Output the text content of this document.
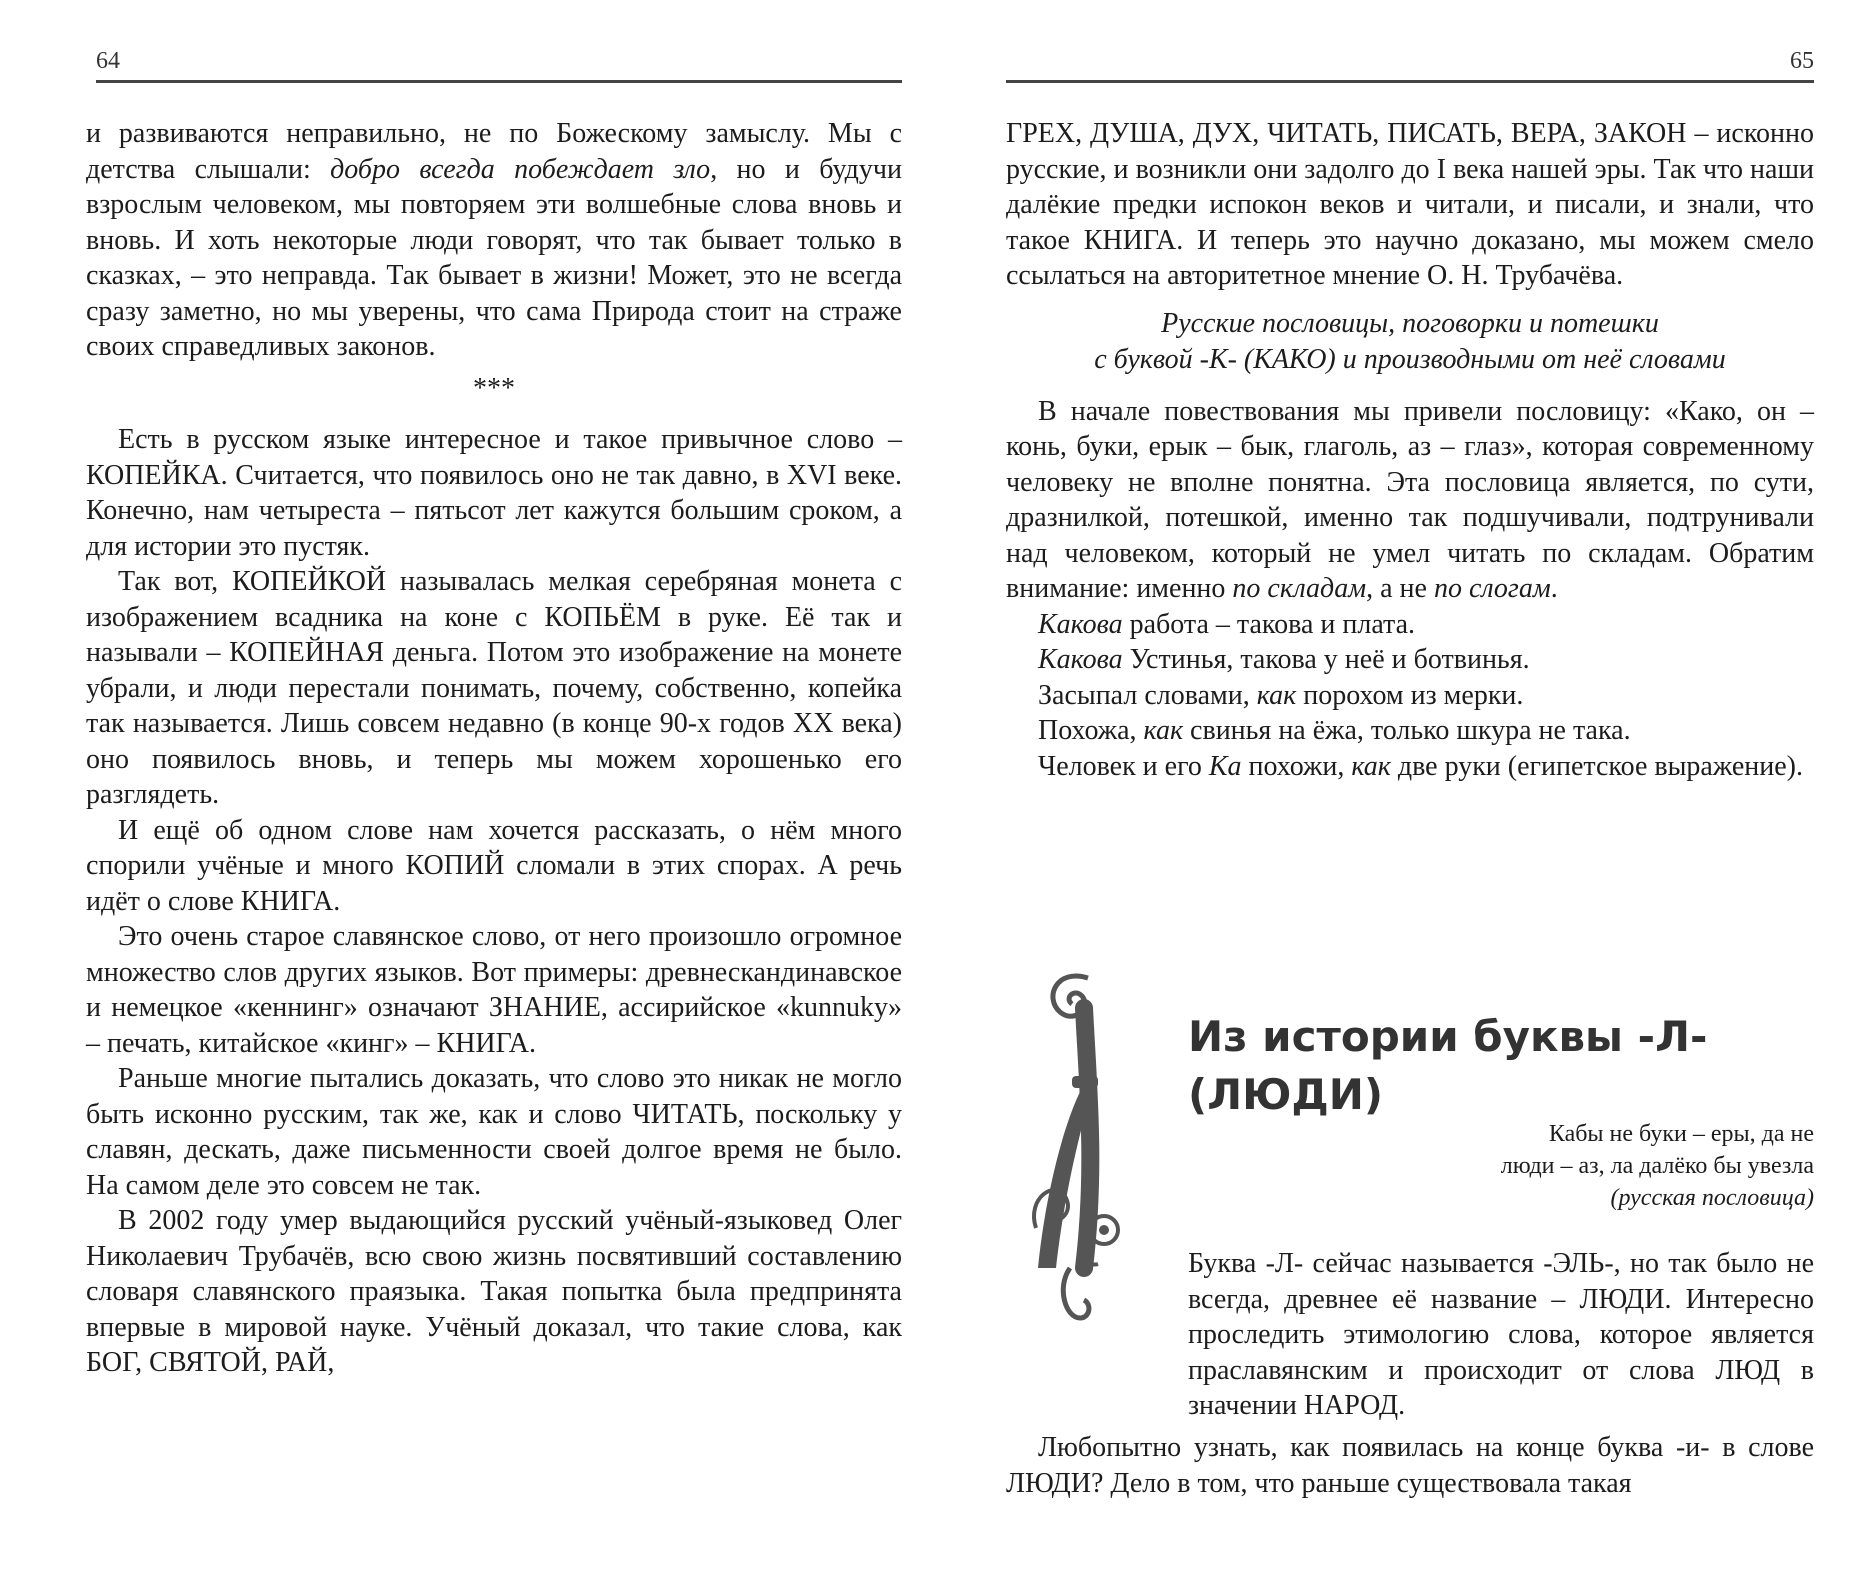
64

и развиваются неправильно, не по Божескому замыслу. Мы с детства слышали: добро всегда побеждает зло, но и будучи взрослым человеком, мы повторяем эти волшебные слова вновь и вновь. И хоть некоторые люди говорят, что так бывает только в сказках, – это неправда. Так бывает в жизни! Может, это не всегда сразу заметно, но мы уверены, что сама Природа стоит на страже своих справедливых законов.

***

Есть в русском языке интересное и такое привычное слово – КОПЕЙКА. Считается, что появилось оно не так давно, в XVI веке. Конечно, нам четыреста – пятьсот лет кажутся большим сроком, а для истории это пустяк.

Так вот, КОПЕЙКОЙ называлась мелкая серебряная монета с изображением всадника на коне с КОПЬЁМ в руке. Её так и называли – КОПЕЙНАЯ деньга. Потом это изображение на монете убрали, и люди перестали понимать, почему, собственно, копейка так называется. Лишь совсем недавно (в конце 90-х годов XX века) оно появилось вновь, и теперь мы можем хорошенько его разглядеть.

И ещё об одном слове нам хочется рассказать, о нём много спорили учёные и много КОПИЙ сломали в этих спорах. А речь идёт о слове КНИГА.

Это очень старое славянское слово, от него произошло огромное множество слов других языков. Вот примеры: древнескандинавское и немецкое «кеннинг» означают ЗНАНИЕ, ассирийское «kunnuky» – печать, китайское «кинг» – КНИГА.

Раньше многие пытались доказать, что слово это никак не могло быть исконно русским, так же, как и слово ЧИТАТЬ, поскольку у славян, дескать, даже письменности своей долгое время не было. На самом деле это совсем не так.

В 2002 году умер выдающийся русский учёный-языковед Олег Николаевич Трубачёв, всю свою жизнь посвятивший составлению словаря славянского праязыка. Такая попытка была предпринята впервые в мировой науке. Учёный доказал, что такие слова, как БОГ, СВЯТОЙ, РАЙ,

65

ГРЕХ, ДУША, ДУХ, ЧИТАТЬ, ПИСАТЬ, ВЕРА, ЗАКОН – исконно русские, и возникли они задолго до I века нашей эры. Так что наши далёкие предки испокон веков и читали, и писали, и знали, что такое КНИГА. И теперь это научно доказано, мы можем смело ссылаться на авторитетное мнение О. Н. Трубачёва.

Русские пословицы, поговорки и потешки
с буквой -К- (КАКО) и производными от неё словами

В начале повествования мы привели пословицу: «Како, он – конь, буки, ерык – бык, глаголь, аз – глаз», которая современному человеку не вполне понятна. Эта пословица является, по сути, дразнилкой, потешкой, именно так подшучивали, подтрунивали над человеком, который не умел читать по складам. Обратим внимание: именно по складам, а не по слогам.

Какова работа – такова и плата.
Какова Устинья, такова у неё и ботвинья.
Засыпал словами, как порохом из мерки.
Похожа, как свинья на ёжа, только шкура не така.

Человек и его Ка похожи, как две руки (египетское выражение).

Из истории буквы -Л-
(ЛЮДИ)
Кабы не буки – еры, да не
люди – аз, ла далёко бы увезла
(русская пословица)

Буква -Л- сейчас называется -ЭЛЬ-, но так было не всегда, древнее её название – ЛЮДИ. Интересно проследить этимологию слова, которое является праславянским и происходит от слова ЛЮД в значении НАРОД.

Любопытно узнать, как появилась на конце буква -и- в слове ЛЮДИ? Дело в том, что раньше существовала такая
